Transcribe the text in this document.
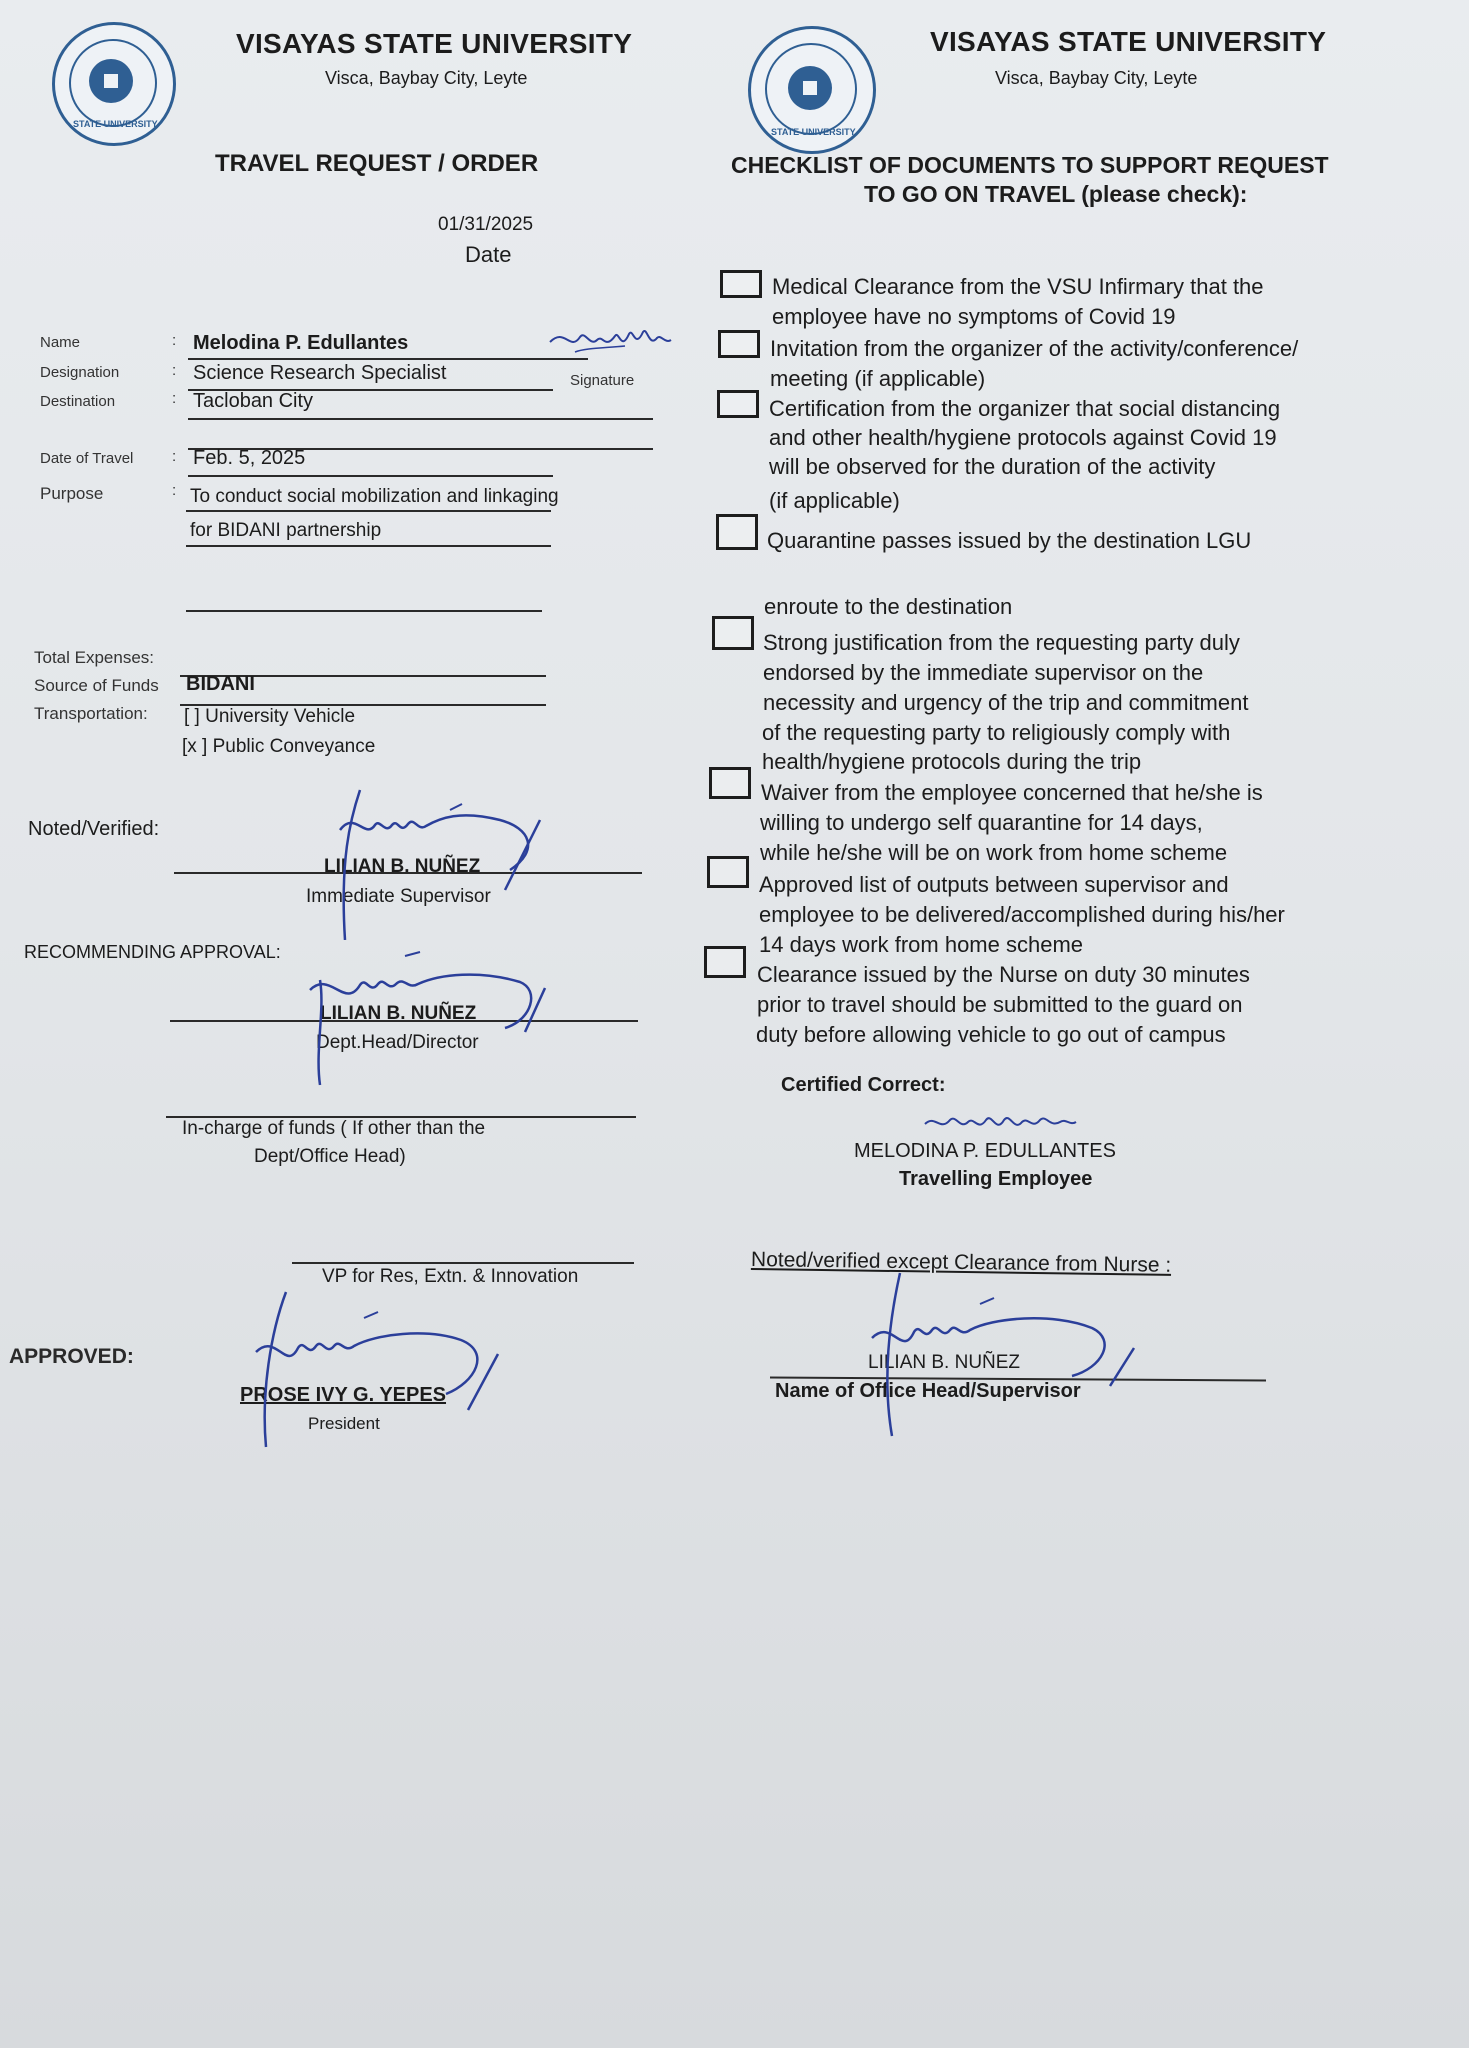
STATE UNIVERSITY
VISAYAS STATE UNIVERSITY
Visca, Baybay City, Leyte
TRAVEL REQUEST / ORDER
01/31/2025
Date
Name	: Melodina P. Edullantes
Signature
Designation	: Science Research Specialist
Destination	: Tacloban City
Date of Travel	: Feb. 5, 2025
Purpose	: To conduct social mobilization and linkaging
for BIDANI partnership
Total Expenses:
Source of Funds BIDANI
Transportation: [ ] University Vehicle
[x ] Public Conveyance
Noted/Verified:
LILIAN B. NUÑEZ
Immediate Supervisor
RECOMMENDING APPROVAL:
LILIAN B. NUÑEZ
Dept.Head/Director
In-charge of funds ( If other than the
Dept/Office Head)
VP for Res, Extn. & Innovation
APPROVED:
PROSE IVY G. YEPES
President
STATE UNIVERSITY
VISAYAS STATE UNIVERSITY
Visca, Baybay City, Leyte
CHECKLIST OF DOCUMENTS TO SUPPORT REQUEST
TO GO ON TRAVEL (please check):
Medical Clearance from the VSU Infirmary that the
employee have no symptoms of Covid 19
Invitation from the organizer of the activity/conference/
meeting (if applicable)
Certification from the organizer that social distancing
and other health/hygiene protocols against Covid 19
will be observed for the duration of the activity
(if applicable)
Quarantine passes issued by the destination LGU
enroute to the destination
Strong justification from the requesting party duly
endorsed by the immediate supervisor on the
necessity and urgency of the trip and commitment
of the requesting party to religiously comply with
health/hygiene protocols during the trip
Waiver from the employee concerned that he/she is
willing to undergo self quarantine for 14 days,
while he/she will be on work from home scheme
Approved list of outputs between supervisor and
employee to be delivered/accomplished during his/her
14 days work from home scheme
Clearance issued by the Nurse on duty 30 minutes
prior to travel should be submitted to the guard on
duty before allowing vehicle to go out of campus
Certified Correct:
MELODINA P. EDULLANTES
Travelling Employee
Noted/verified except Clearance from Nurse :
LILIAN B. NUÑEZ
Name of Office Head/Supervisor
